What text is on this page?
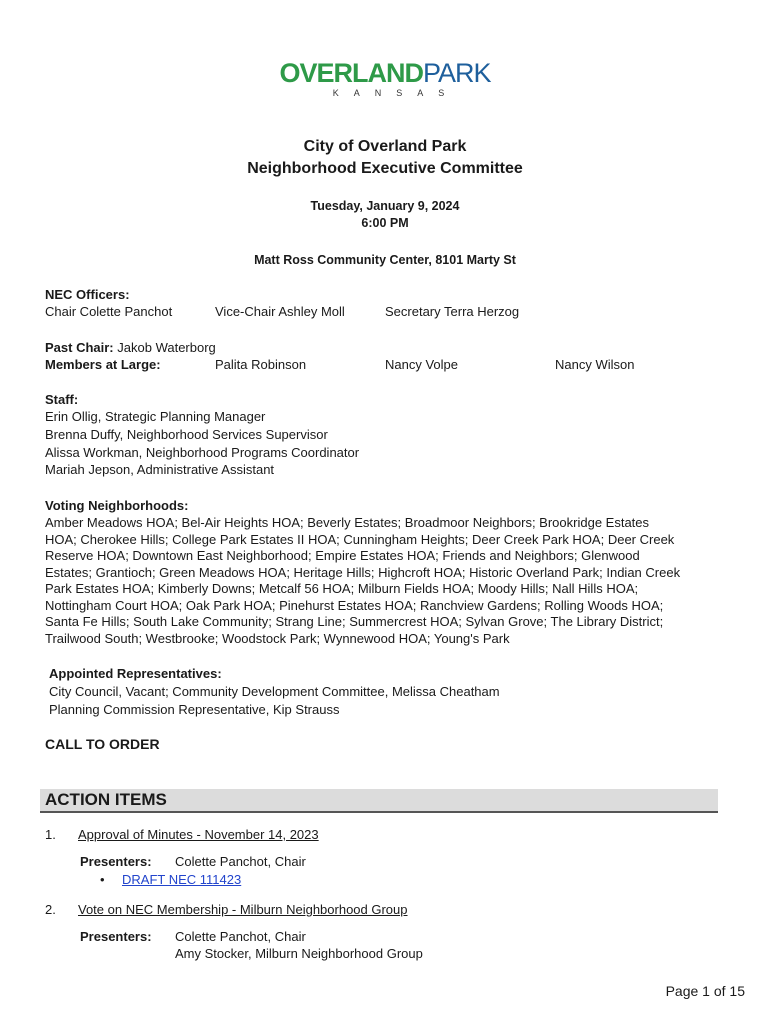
OVERLANDPARK
KANSAS
City of Overland Park
Neighborhood Executive Committee
Tuesday, January 9, 2024
6:00 PM
Matt Ross Community Center, 8101 Marty St
NEC Officers:
Chair Colette Panchot	Vice-Chair Ashley Moll	Secretary Terra Herzog
Past Chair: Jakob Waterborg
Members at Large:	Palita Robinson	Nancy Volpe	Nancy Wilson
Staff:
Erin Ollig, Strategic Planning Manager
Brenna Duffy, Neighborhood Services Supervisor
Alissa Workman, Neighborhood Programs Coordinator
Mariah Jepson, Administrative Assistant
Voting Neighborhoods:
Amber Meadows HOA; Bel-Air Heights HOA; Beverly Estates; Broadmoor Neighbors; Brookridge Estates
HOA; Cherokee Hills; College Park Estates II HOA; Cunningham Heights; Deer Creek Park HOA; Deer Creek
Reserve HOA; Downtown East Neighborhood; Empire Estates HOA; Friends and Neighbors; Glenwood
Estates; Grantioch; Green Meadows HOA; Heritage Hills; Highcroft HOA; Historic Overland Park; Indian Creek
Park Estates HOA; Kimberly Downs; Metcalf 56 HOA; Milburn Fields HOA; Moody Hills; Nall Hills HOA;
Nottingham Court HOA; Oak Park HOA; Pinehurst Estates HOA; Ranchview Gardens; Rolling Woods HOA;
Santa Fe Hills; South Lake Community; Strang Line; Summercrest HOA; Sylvan Grove; The Library District;
Trailwood South; Westbrooke; Woodstock Park; Wynnewood HOA; Young's Park
Appointed Representatives:
City Council, Vacant; Community Development Committee, Melissa Cheatham
Planning Commission Representative, Kip Strauss
CALL TO ORDER
ACTION ITEMS
1. Approval of Minutes - November 14, 2023
Presenters: Colette Panchot, Chair
• DRAFT NEC 111423
2. Vote on NEC Membership - Milburn Neighborhood Group
Presenters: Colette Panchot, Chair
Amy Stocker, Milburn Neighborhood Group
Page 1 of 15
